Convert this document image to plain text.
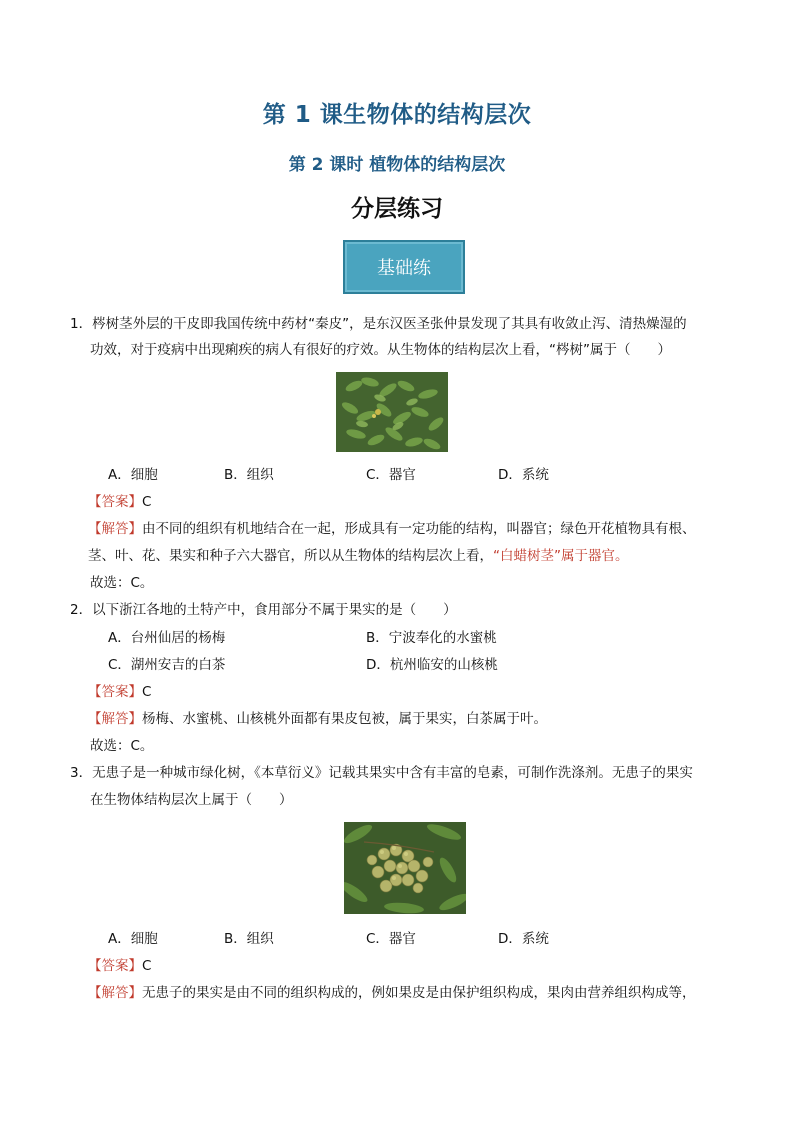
第 1 课生物体的结构层次
第 2 课时 植物体的结构层次
分层练习
基础练
1．梣树茎外层的干皮即我国传统中药材“秦皮”，是东汉医圣张仲景发现了其具有收敛止泻、清热燥湿的
功效，对于疫病中出现痢疾的病人有很好的疗效。从生物体的结构层次上看，“梣树”属于（　　）
A．细胞	B．组织	C．器官	D．系统
【答案】C
【解答】由不同的组织有机地结合在一起，形成具有一定功能的结构，叫器官；绿色开花植物具有根、
茎、叶、花、果实和种子六大器官，所以从生物体的结构层次上看，“白蜡树茎”属于器官。
故选：C。
2．以下浙江各地的土特产中，食用部分不属于果实的是（　　）
A．台州仙居的杨梅	B．宁波奉化的水蜜桃
C．湖州安吉的白茶	D．杭州临安的山核桃
【答案】C
【解答】杨梅、水蜜桃、山核桃外面都有果皮包被，属于果实，白茶属于叶。
故选：C。
3．无患子是一种城市绿化树，《本草衍义》记载其果实中含有丰富的皂素，可制作洗涤剂。无患子的果实
在生物体结构层次上属于（　　）
A．细胞	B．组织	C．器官	D．系统
【答案】C
【解答】无患子的果实是由不同的组织构成的，例如果皮是由保护组织构成，果肉由营养组织构成等，
